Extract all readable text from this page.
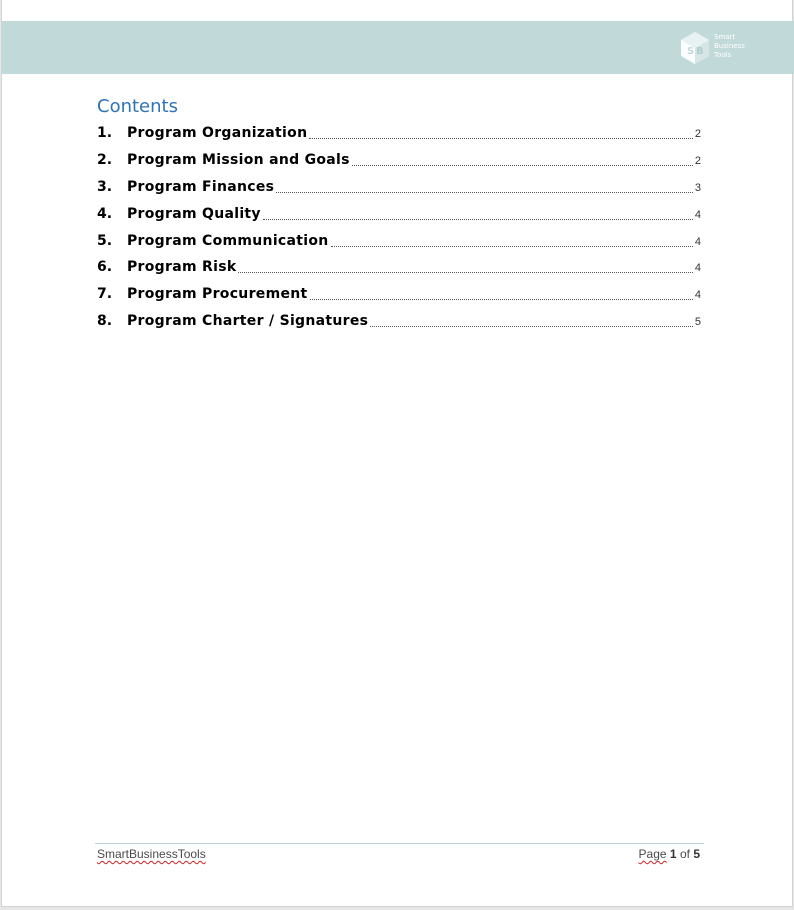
S B
Smart
Business
Tools
Contents
1.	Program Organization	2
2.	Program Mission and Goals	2
3.	Program Finances	3
4.	Program Quality	4
5.	Program Communication	4
6.	Program Risk	4
7.	Program Procurement	4
8.	Program Charter / Signatures	5
SmartBusinessTools	Page 1 of 5
